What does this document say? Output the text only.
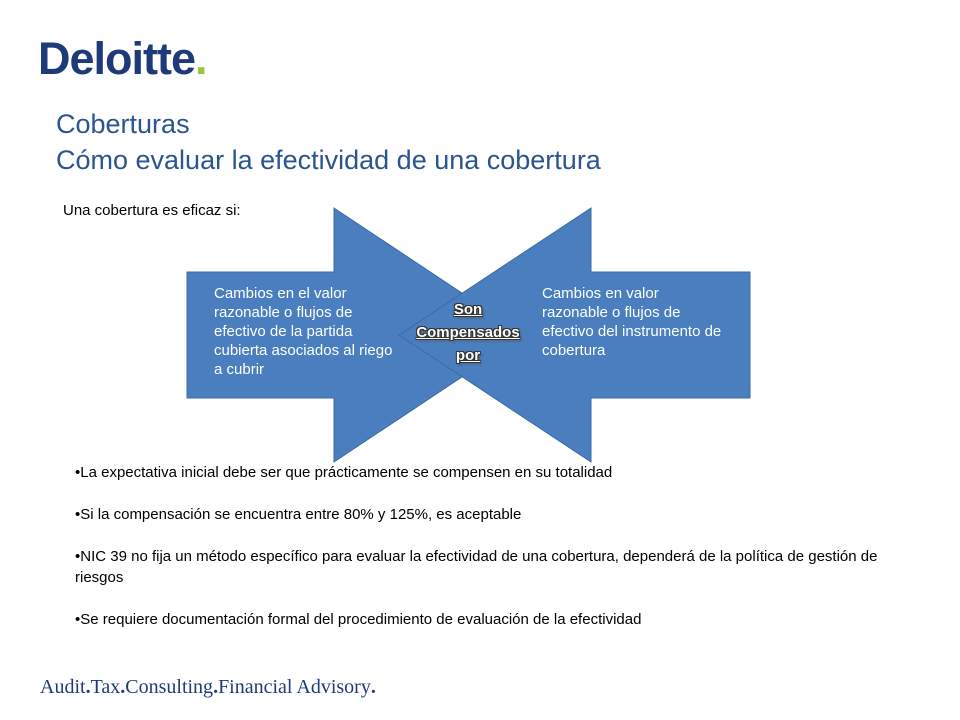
Deloitte.
Coberturas
Cómo evaluar la efectividad de una cobertura
Una cobertura es eficaz si:
Cambios en el valor razonable o flujos de efectivo de la partida cubierta asociados al riego a cubrir
Cambios en valor razonable o flujos de efectivo del instrumento de cobertura
Son
Compensados
por
•La expectativa inicial debe ser que prácticamente se compensen en su totalidad
•Si la compensación se encuentra entre 80% y 125%, es aceptable
•NIC 39 no fija un método específico para evaluar la efectividad de una cobertura, dependerá de la política de gestión de riesgos
•Se requiere documentación formal del procedimiento de evaluación de la efectividad
Audit.Tax.Consulting.Financial Advisory.
